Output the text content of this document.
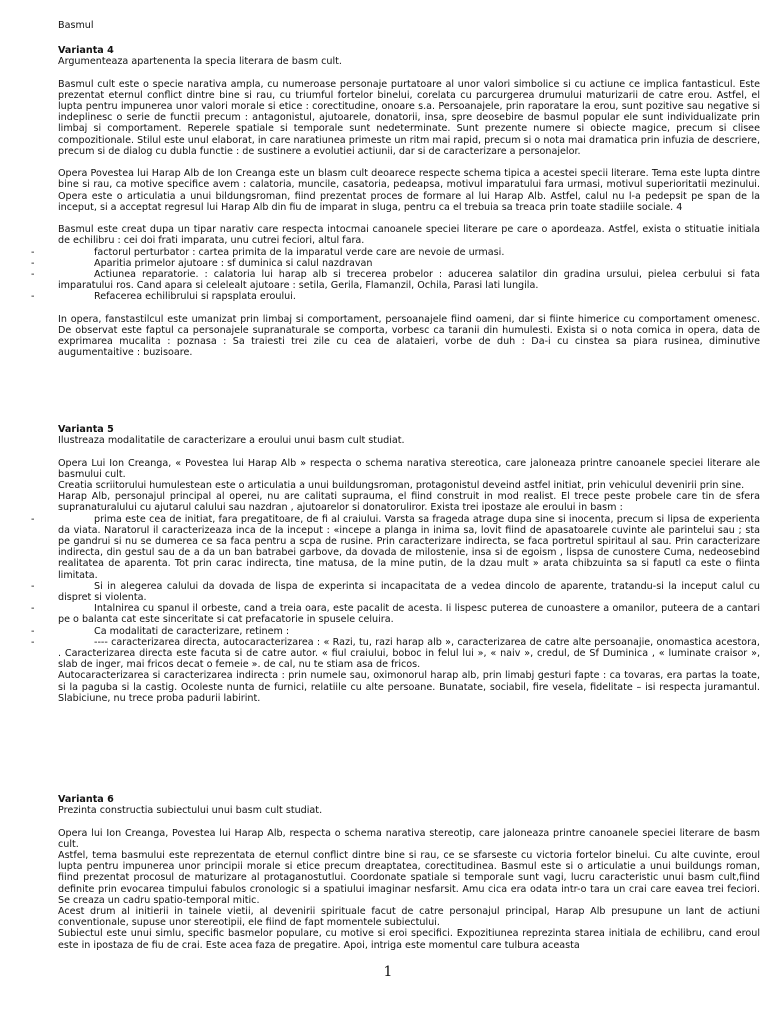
Basmul
Varianta 4
Argumenteaza apartenenta la specia literara de basm cult.

Basmul cult este o specie narativa ampla, cu numeroase personaje purtatoare al unor valori simbolice si cu actiune ce implica fantasticul. Este prezentat eternul conflict dintre bine si rau, cu triumful fortelor binelui, corelata cu parcurgerea drumului maturizarii de catre erou. Astfel, el lupta pentru impunerea unor valori morale si etice : corectitudine, onoare s.a. Persoanajele, prin raporatare la erou, sunt pozitive sau negative si indeplinesc o serie de functii precum : antagonistul, ajutoarele, donatorii, insa, spre deosebire de basmul popular ele sunt individualizate prin limbaj si comportament. Reperele spatiale si temporale sunt nedeterminate. Sunt prezente numere si obiecte magice, precum si clisee compozitionale. Stilul este unul elaborat, in care naratiunea primeste un ritm mai rapid, precum si o nota mai dramatica prin infuzia de descriere, precum si de dialog cu dubla functie : de sustinere a evolutiei actiunii, dar si de caracterizare a personajelor.

Opera Povestea lui Harap Alb de Ion Creanga este un blasm cult deoarece respecte schema tipica a acestei specii literare. Tema este lupta dintre bine si rau, ca motive specifice avem : calatoria, muncile, casatoria, pedeapsa, motivul imparatului fara urmasi, motivul superioritatii mezinului. Opera este o articulatia a unui bildungsroman, fiind prezentat proces de formare al lui Harap Alb. Astfel, calul nu l-a pedepsit pe span de la inceput, si a acceptat regresul lui Harap Alb din fiu de imparat in sluga, pentru ca el trebuia sa treaca prin toate stadiile sociale. 4

Basmul este creat dupa un tipar narativ care respecta intocmai canoanele speciei literare pe care o apordeaza. Astfel, exista o stituatie initiala de echilibru : cei doi frati imparata, unu cutrei feciori, altul fara.

-	factorul perturbator : cartea primita de la imparatul verde care are nevoie de urmasi.
-	Aparitia primelor ajutoare : sf duminica si calul nazdravan
-	Actiunea reparatorie. : calatoria lui harap alb si trecerea probelor : aducerea salatilor din gradina ursului, pielea cerbului si fata imparatului ros. Cand apara si celelealt ajutoare : setila, Gerila, Flamanzil, Ochila, Parasi lati lungila.
-	Refacerea echilibrului si rapsplata eroului.

In opera, fanstastilcul este umanizat prin limbaj si comportament, persoanajele fiind oameni, dar si fiinte himerice cu comportament omenesc. De observat este faptul ca personajele supranaturale se comporta, vorbesc ca taranii din humulesti. Exista si o nota comica in opera, data de exprimarea mucalita : poznasa : Sa traiesti trei zile cu cea de alataieri, vorbe de duh : Da-i cu cinstea sa piara rusinea, diminutive augumentaitive : buzisoare.

Varianta 5
Ilustreaza modalitatile de caracterizare a eroului unui basm cult studiat.

Opera Lui Ion Creanga, « Povestea lui Harap Alb » respecta o schema narativa stereotica, care jaloneaza printre canoanele speciei literare ale basmului cult.

Creatia scriitorului humulestean este o articulatia a unui buildungsroman, protagonistul deveind astfel initiat, prin vehiculul devenirii prin sine.

Harap Alb, personajul principal al operei, nu are calitati suprauma, el fiind construit in mod realist. El trece peste probele care tin de sfera supranaturalului cu ajutarul calului sau nazdran , ajutoarelor si donatoruliror. Exista trei ipostaze ale eroului in basm :

-	prima este cea de initiat, fara pregatitoare, de fi al craiului. Varsta sa frageda atrage dupa sine si inocenta, precum si lipsa de experienta da viata. Naratorul il caracterizeaza inca de la inceput : «incepe a planga in inima sa, lovit fiind de apasatoarele cuvinte ale parintelui sau ; sta pe gandrui si nu se dumerea ce sa faca pentru a scpa de rusine. Prin caracterizare indirecta, se faca portretul spiritaul al sau. Prin caracterizare indirecta, din gestul sau de a da un ban batrabei garbove, da dovada de milostenie, insa si de egoism , lispsa de cunostere Cuma, nedeosebind realitatea de aparenta. Tot prin carac indirecta, tine matusa, de la mine putin, de la dzau mult » arata chibzuinta sa si faputl ca este o fiinta limitata.
-	Si in alegerea calului da dovada de lispa de experinta si incapacitata de a vedea dincolo de aparente, tratandu-si la inceput calul cu dispret si violenta.
-	Intalnirea cu spanul il orbeste, cand a treia oara, este pacalit de acesta. Ii lispesc puterea de cunoastere a omanilor, puteera de a cantari pe o balanta cat este sinceritate si cat prefacatorie in spusele celuira.
-	Ca modalitati de caracterizare, retinem :
-	---- caracterizarea directa, autocaracterizarea : « Razi, tu, razi harap alb », caracterizarea de catre alte persoanajie, onomastica acestora, . Caracterizarea directa este facuta si de catre autor. « fiul craiului, boboc in felul lui », « naiv », credul, de Sf Duminica , « luminate craisor », slab de inger, mai fricos decat o femeie ». de cal, nu te stiam asa de fricos.

Autocaracterizarea si caracterizarea indirecta : prin numele sau, oximonorul harap alb, prin limabj gesturi fapte : ca tovaras, era partas la toate, si la paguba si la castig. Ocoleste nunta de furnici, relatiile cu alte persoane. Bunatate, sociabil, fire vesela, fidelitate – isi respecta juramantul. Slabiciune, nu trece proba padurii labirint.

Varianta 6
Prezinta constructia subiectului unui basm cult studiat.

Opera lui Ion Creanga, Povestea lui Harap Alb, respecta o schema narativa stereotip, care jaloneaza printre canoanele speciei literare de basm cult.

Astfel, tema basmului este reprezentata de eternul conflict dintre bine si rau, ce se sfarseste cu victoria fortelor binelui. Cu alte cuvinte, eroul lupta pentru impunerea unor principii morale si etice precum dreaptatea, corectitudinea. Basmul este si o articulatie a unui buildungs roman, fiind prezentat procosul de maturizare al protaganostutlui. Coordonate spatiale si temporale sunt vagi, lucru caracteristic unui basm cult,fiind definite prin evocarea timpului fabulos cronologic si a spatiului imaginar nesfarsit. Amu cica era odata intr-o tara un crai care eavea trei feciori. Se creaza un cadru spatio-temporal mitic.

Acest drum al initierii in tainele vietii, al devenirii spirituale facut de catre personajul principal, Harap Alb presupune un lant de actiuni conventionale, supuse unor stereotipii, ele fiind de fapt momentele subiectului.

Subiectul este unui simlu, specific basmelor populare, cu motive si eroi specifici. Expozitiunea reprezinta starea initiala de echilibru, cand eroul este in ipostaza de fiu de crai. Este acea faza de pregatire. Apoi, intriga este momentul care tulbura aceasta

1
